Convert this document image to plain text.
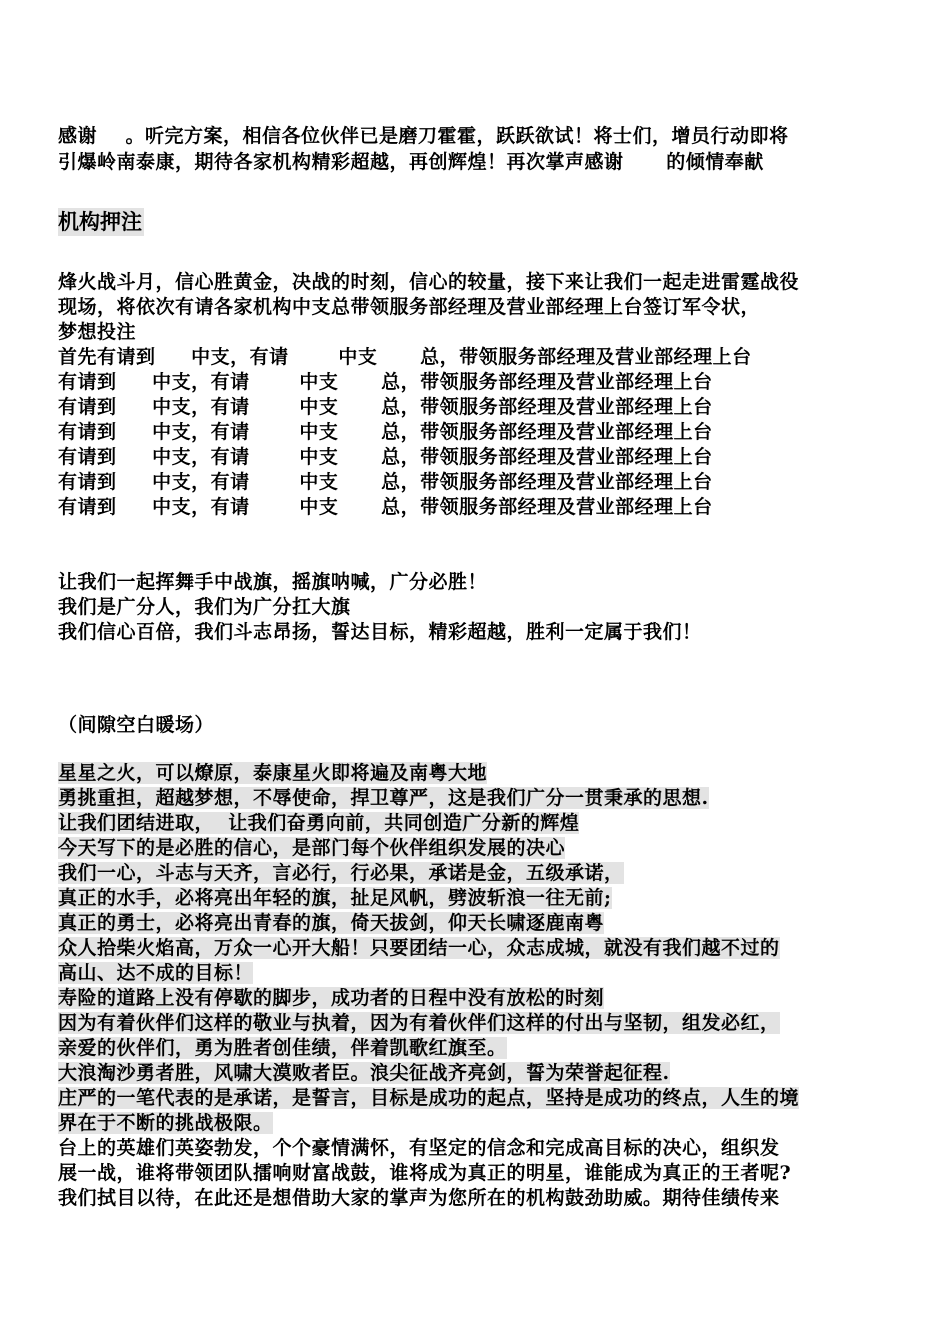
感谢    。听完方案，相信各位伙伴已是磨刀霍霍，跃跃欲试！将士们，增员行动即将
引爆岭南泰康，期待各家机构精彩超越，再创辉煌！再次掌声感谢      的倾情奉献
机构押注
烽火战斗月，信心胜黄金，决战的时刻，信心的较量，接下来让我们一起走进雷霆战役
现场，将依次有请各家机构中支总带领服务部经理及营业部经理上台签订军令状，
梦想投注
首先有请到     中支，有请       中支      总，带领服务部经理及营业部经理上台
有请到     中支，有请       中支      总，带领服务部经理及营业部经理上台
有请到     中支，有请       中支      总，带领服务部经理及营业部经理上台
有请到     中支，有请       中支      总，带领服务部经理及营业部经理上台
有请到     中支，有请       中支      总，带领服务部经理及营业部经理上台
有请到     中支，有请       中支      总，带领服务部经理及营业部经理上台
有请到     中支，有请       中支      总，带领服务部经理及营业部经理上台
让我们一起挥舞手中战旗，摇旗呐喊，广分必胜！
我们是广分人，我们为广分扛大旗
我们信心百倍，我们斗志昂扬，誓达目标，精彩超越，胜利一定属于我们！
（间隙空白暖场）
星星之火，可以燎原，泰康星火即将遍及南粤大地
勇挑重担，超越梦想，不辱使命，捍卫尊严，这是我们广分一贯秉承的思想.
让我们团结进取，  让我们奋勇向前，共同创造广分新的辉煌
今天写下的是必胜的信心，是部门每个伙伴组织发展的决心
我们一心，斗志与天齐，言必行，行必果，承诺是金，五级承诺，
真正的水手，必将亮出年轻的旗，扯足风帆，劈波斩浪一往无前;
真正的勇士，必将亮出青春的旗，倚天拔剑，仰天长啸逐鹿南粤
众人拾柴火焰高，万众一心开大船！只要团结一心，众志成城，就没有我们越不过的
高山、达不成的目标！
寿险的道路上没有停歇的脚步，成功者的日程中没有放松的时刻
因为有着伙伴们这样的敬业与执着，因为有着伙伴们这样的付出与坚韧，组发必红，
亲爱的伙伴们，勇为胜者创佳绩，伴着凯歌红旗至。
大浪淘沙勇者胜，风啸大漠败者臣。浪尖征战齐亮剑，誓为荣誉起征程.
庄严的一笔代表的是承诺，是誓言，目标是成功的起点，坚持是成功的终点，人生的境
界在于不断的挑战极限。
台上的英雄们英姿勃发，个个豪情满怀，有坚定的信念和完成高目标的决心，组织发
展一战，谁将带领团队擂响财富战鼓，谁将成为真正的明星，谁能成为真正的王者呢?
我们拭目以待，在此还是想借助大家的掌声为您所在的机构鼓劲助威。期待佳绩传来
